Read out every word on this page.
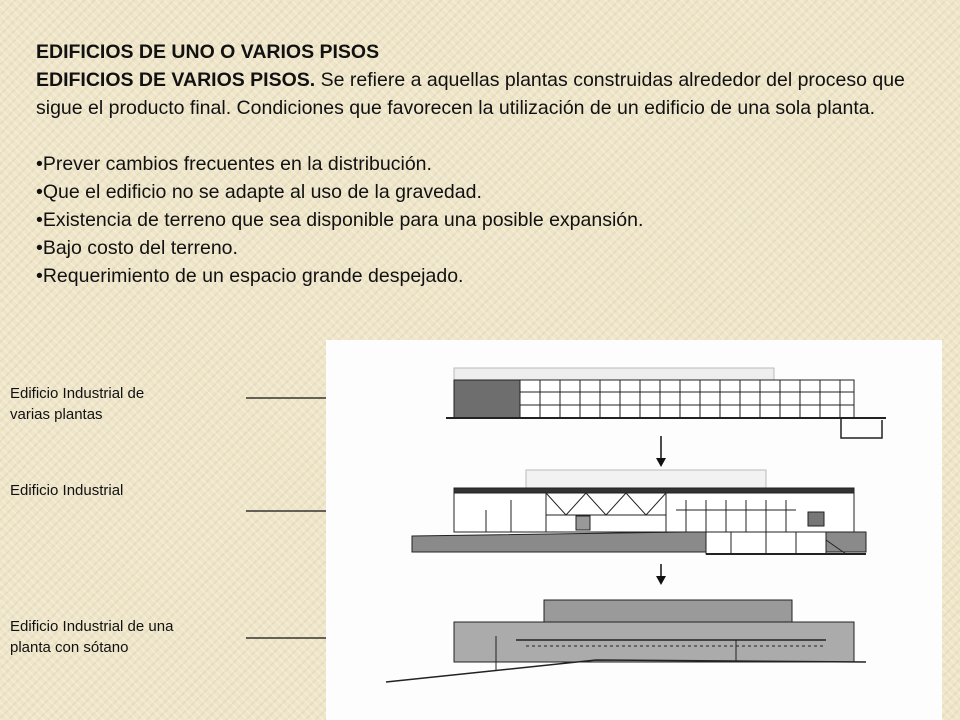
EDIFICIOS DE UNO O VARIOS PISOS

EDIFICIOS DE VARIOS PISOS. Se refiere a aquellas plantas construidas alrededor del proceso que sigue el producto final. Condiciones que favorecen la utilización de un edificio de una sola planta.

•Prever cambios frecuentes en la distribución.

•Que el edificio no se adapte al uso de la gravedad.

•Existencia de terreno que sea disponible para una posible expansión.

•Bajo costo del terreno.

•Requerimiento de un espacio grande despejado.

Edificio Industrial de
varias plantas
Edificio Industrial
Edificio Industrial de una
planta con sótano
